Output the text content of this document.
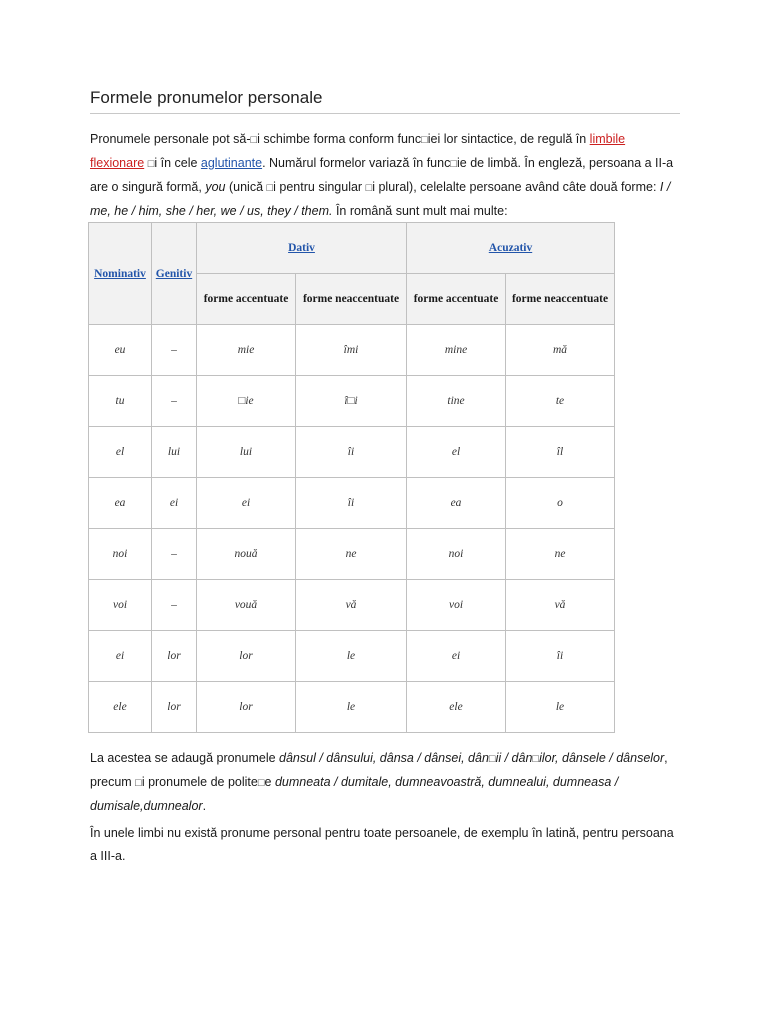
Formele pronumelor personale
Pronumele personale pot să-□i schimbe forma conform func□iei lor sintactice, de regulă în limbile flexionare □i în cele aglutinante. Numărul formelor variază în func□ie de limbă. În engleză, persoana a II-a are o singură formă, you (unică □i pentru singular □i plural), celelalte persoane având câte două forme: I / me, he / him, she / her, we / us, they / them. În română sunt mult mai multe:
Nominativ	Genitiv	Dativ		Acuzativ	
		forme accentuate	forme neaccentuate	forme accentuate	forme neaccentuate
eu	–	mie	îmi	mine	mă
tu	–	□ie	î□i	tine	te
el	lui	lui	îi	el	îl
ea	ei	ei	îi	ea	o
noi	–	nouă	ne	noi	ne
voi	–	vouă	vă	voi	vă
ei	lor	lor	le	ei	îi
ele	lor	lor	le	ele	le
La acestea se adaugă pronumele dânsul / dânsului, dânsa / dânsei, dân□ii / dân□ilor, dânsele / dânselor, precum □i pronumele de polite□e dumneata / dumitale, dumneavoastră, dumnealui, dumneasa / dumisale,dumnealor.
În unele limbi nu există pronume personal pentru toate persoanele, de exemplu în latină, pentru persoana a III-a.
